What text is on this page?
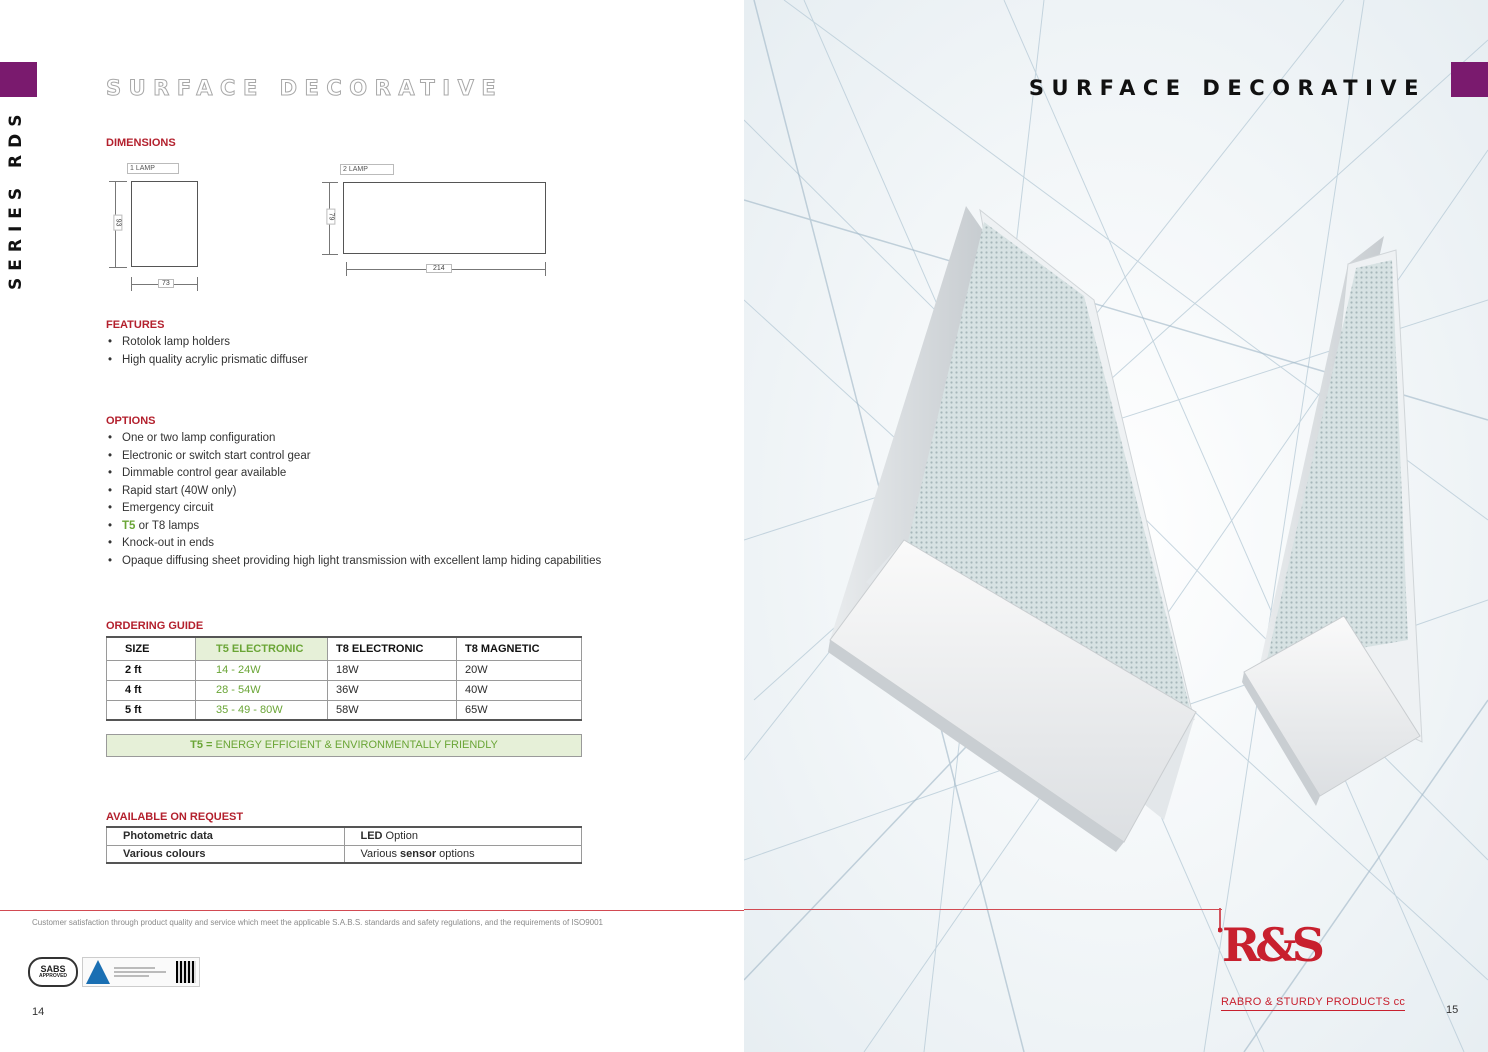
SERIES RDS
SURFACE DECORATIVE
DIMENSIONS
1 LAMP
93
73
2 LAMP
79
214
FEATURES
• Rotolok lamp holders
• High quality acrylic prismatic diffuser
OPTIONS
• One or two lamp configuration
• Electronic or switch start control gear
• Dimmable control gear available
• Rapid start (40W only)
• Emergency circuit
• T5 or T8 lamps
• Knock-out in ends
• Opaque diffusing sheet providing high light transmission with excellent lamp hiding capabilities
ORDERING GUIDE
SIZE	T5 ELECTRONIC	T8 ELECTRONIC	T8 MAGNETIC
2 ft	14 - 24W	18W	20W
4 ft	28 - 54W	36W	40W
5 ft	35 - 49 - 80W	58W	65W
T5 = ENERGY EFFICIENT & ENVIRONMENTALLY FRIENDLY
AVAILABLE ON REQUEST
Photometric data	LED Option
Various colours	Various sensor options
Customer satisfaction through product quality and service which meet the applicable S.A.B.S. standards and safety regulations, and the requirements of ISO9001
SABS
APPROVED
14
SURFACE DECORATIVE
R&S
RABRO & STURDY PRODUCTS cc
15
